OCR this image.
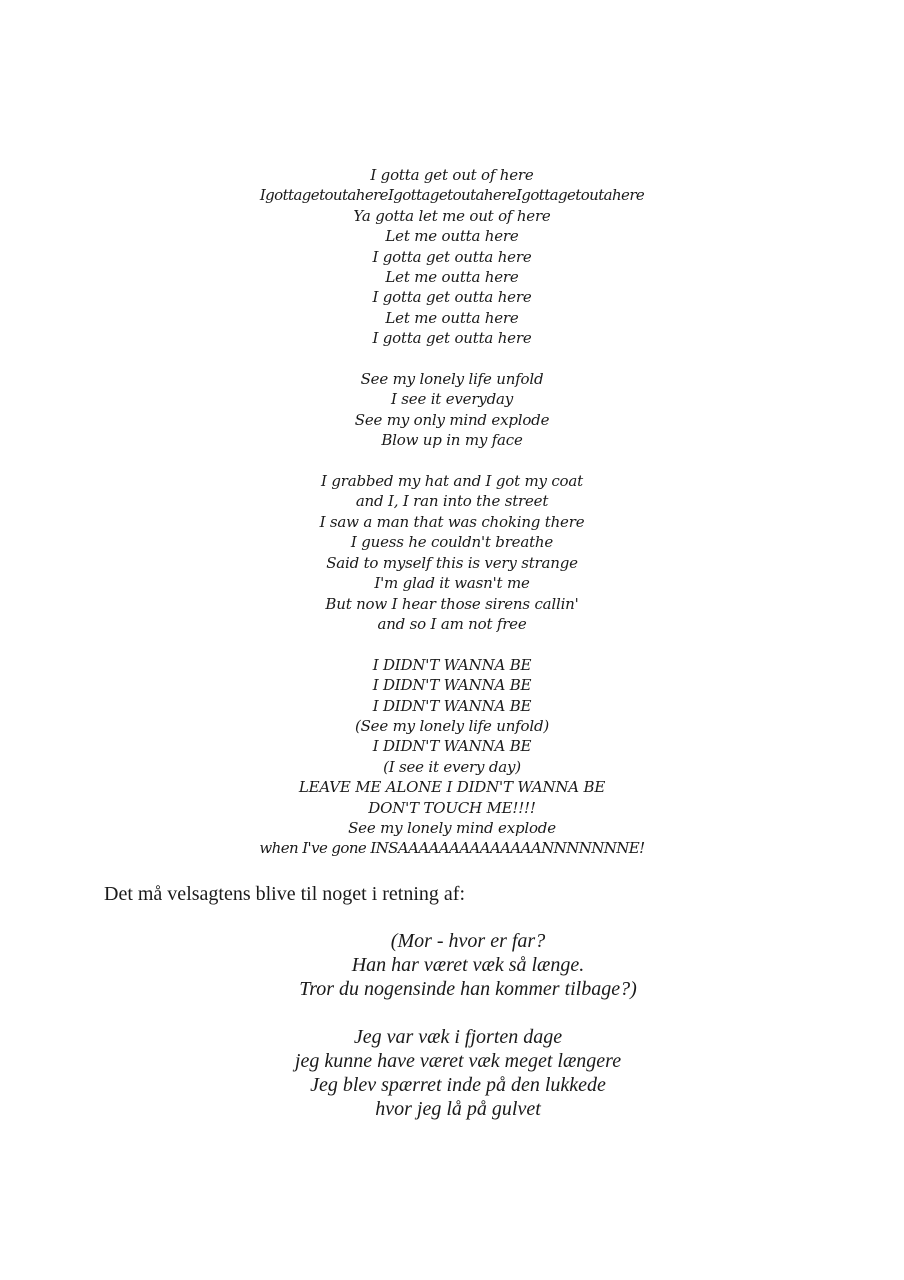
I gotta get out of here
IgottagetoutahereIgottagetoutahereIgottagetoutahere
Ya gotta let me out of here
Let me outta here
I gotta get outta here
Let me outta here
I gotta get outta here
Let me outta here
I gotta get outta here
See my lonely life unfold
I see it everyday
See my only mind explode
Blow up in my face
I grabbed my hat and I got my coat
and I, I ran into the street
I saw a man that was choking there
I guess he couldn't breathe
Said to myself this is very strange
I'm glad it wasn't me
But now I hear those sirens callin'
and so I am not free
I DIDN'T WANNA BE
I DIDN'T WANNA BE
I DIDN'T WANNA BE
(See my lonely life unfold)
I DIDN'T WANNA BE
(I see it every day)
LEAVE ME ALONE I DIDN'T WANNA BE
DON'T TOUCH ME!!!!
See my lonely mind explode
when I've gone INSAAAAAAAAAAAAAANNNNNNNE!
Det må velsagtens blive til noget i retning af:
(Mor - hvor er far?
Han har været væk så længe.
Tror du nogensinde han kommer tilbage?)
Jeg var væk i fjorten dage
jeg kunne have været væk meget længere
Jeg blev spærret inde på den lukkede
hvor jeg lå på gulvet
